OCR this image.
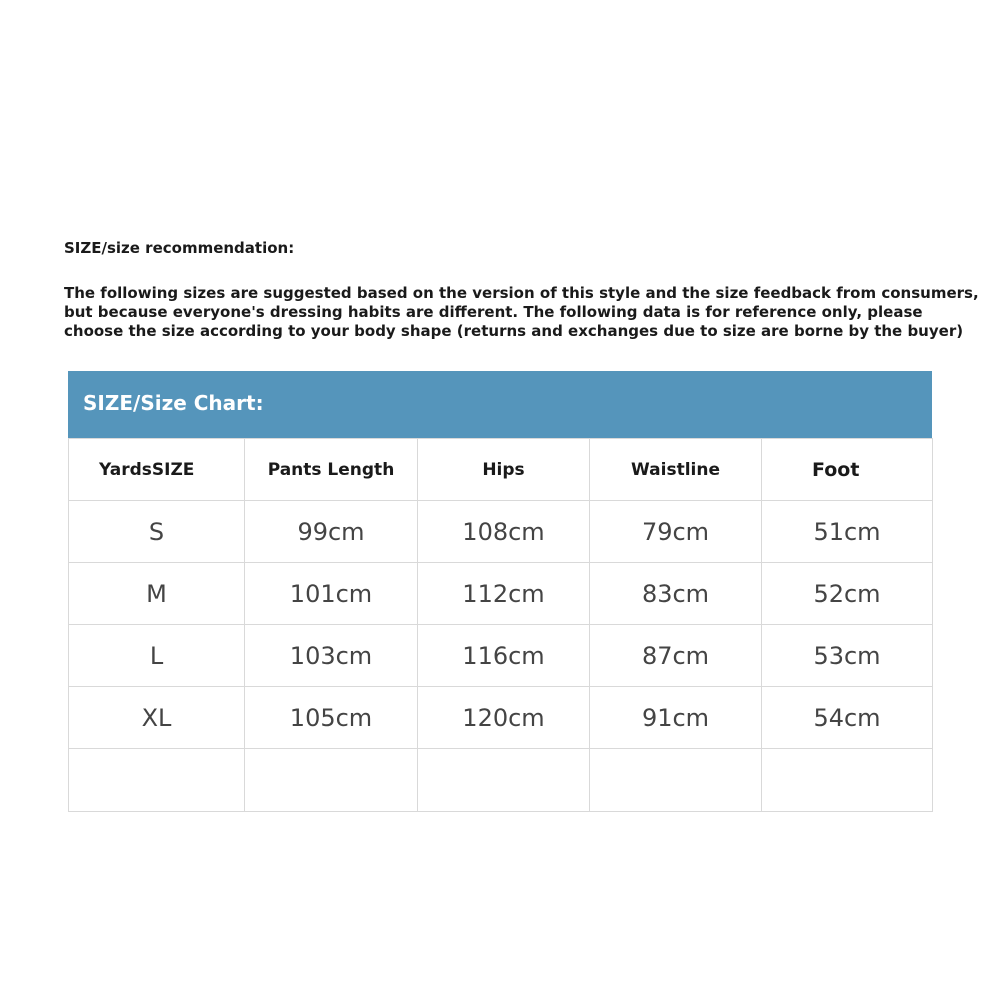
SIZE/size recommendation:
The following sizes are suggested based on the version of this style and the size feedback from consumers,
but because everyone's dressing habits are different. The following data is for reference only, please
choose the size according to your body shape (returns and exchanges due to size are borne by the buyer)
SIZE/Size Chart:
YardsSIZE	Pants Length	Hips	Waistline	Foot
S	99cm	108cm	79cm	51cm
M	101cm	112cm	83cm	52cm
L	103cm	116cm	87cm	53cm
XL	105cm	120cm	91cm	54cm
